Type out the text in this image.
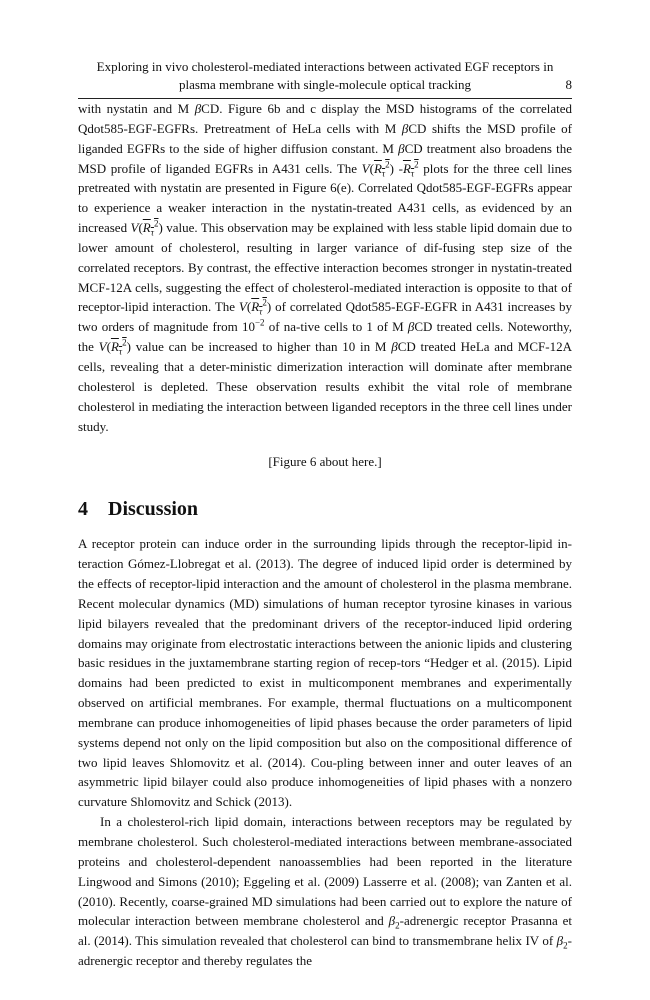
Exploring in vivo cholesterol-mediated interactions between activated EGF receptors in
plasma membrane with single-molecule optical tracking	8

with nystatin and M βCD. Figure 6b and c display the MSD histograms of the correlated Qdot585-EGF-EGFRs. Pretreatment of HeLa cells with M βCD shifts the MSD profile of liganded EGFRs to the side of higher diffusion constant. M βCD treatment also broadens the MSD profile of liganded EGFRs in A431 cells. The $V(R_\tau^2)$ $-R_\tau^2$ plots for the three cell lines pretreated with nystatin are presented in Figure 6(e). Correlated Qdot585-EGF-EGFRs appear to experience a weaker interaction in the nystatin-treated A431 cells, as evidenced by an increased $V(R_\tau^2)$ value. This observation may be explained with less stable lipid domain due to lower amount of cholesterol, resulting in larger variance of dif-fusing step size of the correlated receptors. By contrast, the effective interaction becomes stronger in nystatin-treated MCF-12A cells, suggesting the effect of cholesterol-mediated interaction is opposite to that of receptor-lipid interaction. The $V(R_\tau^2)$ of correlated Qdot585-EGF-EGFR in A431 increases by two orders of magnitude from $10^{-2}$ of na-tive cells to 1 of M βCD treated cells. Noteworthy, the $V(R_\tau^2)$ value can be increased to higher than 10 in M βCD treated HeLa and MCF-12A cells, revealing that a deter-ministic dimerization interaction will dominate after membrane cholesterol is depleted. These observation results exhibit the vital role of membrane cholesterol in mediating the interaction between liganded receptors in the three cell lines under study.

[Figure 6 about here.]
4 Discussion

A receptor protein can induce order in the surrounding lipids through the receptor-lipid in-teraction Gómez-Llobregat et al. (2013). The degree of induced lipid order is determined by the effects of receptor-lipid interaction and the amount of cholesterol in the plasma membrane. Recent molecular dynamics (MD) simulations of human receptor tyrosine kinases in various lipid bilayers revealed that the predominant drivers of the receptor-induced lipid ordering domains may originate from electrostatic interactions between the anionic lipids and clustering basic residues in the juxtamembrane starting region of recep-tors “Hedger et al. (2015). Lipid domains had been predicted to exist in multicomponent membranes and experimentally observed on artificial membranes. For example, thermal fluctuations on a multicomponent membrane can produce inhomogeneities of lipid phases because the order parameters of lipid systems depend not only on the lipid composition but also on the compositional difference of two lipid leaves Shlomovitz et al. (2014). Cou-pling between inner and outer leaves of an asymmetric lipid bilayer could also produce inhomogeneities of lipid phases with a nonzero curvature Shlomovitz and Schick (2013).

In a cholesterol-rich lipid domain, interactions between receptors may be regulated by membrane cholesterol. Such cholesterol-mediated interactions between membrane-associated proteins and cholesterol-dependent nanoassemblies had been reported in the literature Lingwood and Simons (2010); Eggeling et al. (2009) Lasserre et al. (2008); van Zanten et al. (2010). Recently, coarse-grained MD simulations had been carried out to explore the nature of molecular interaction between membrane cholesterol and $\beta_2$-adrenergic receptor Prasanna et al. (2014). This simulation revealed that cholesterol can bind to transmembrane helix IV of $\beta_2$-adrenergic receptor and thereby regulates the
